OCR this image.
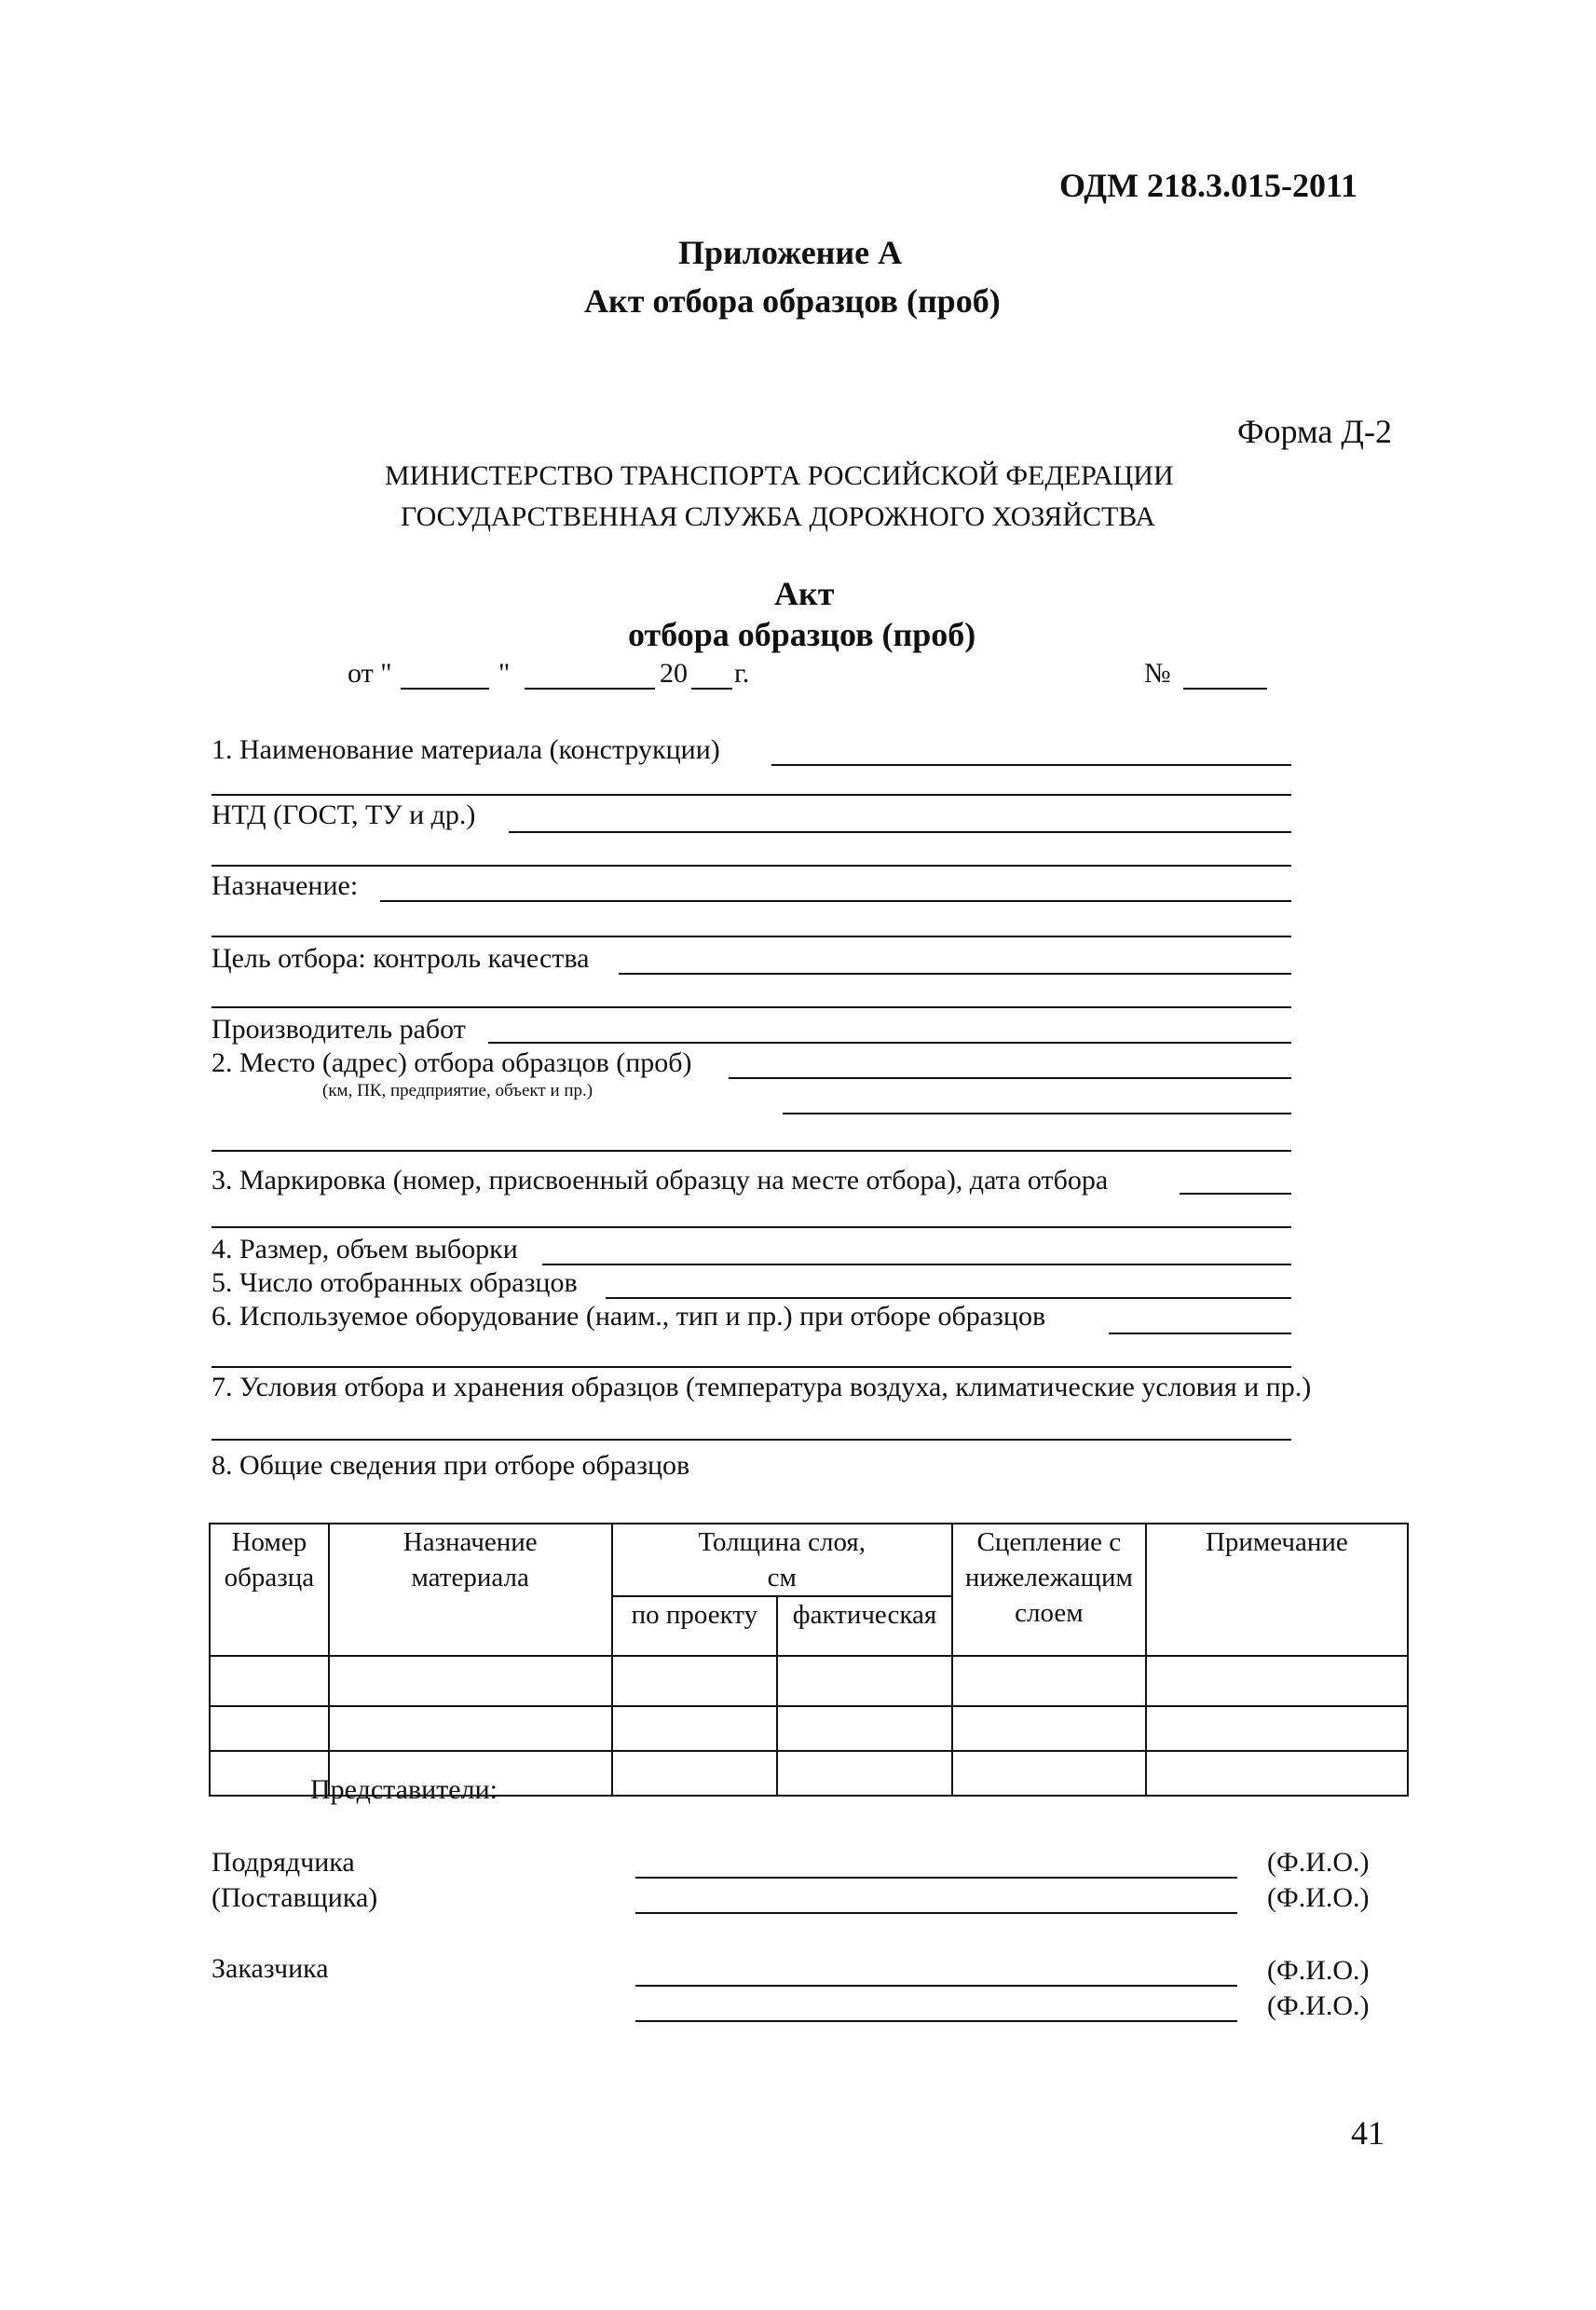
ОДМ 218.3.015-2011
Приложение А
Акт отбора образцов (проб)
Форма Д-2
МИНИСТЕРСТВО ТРАНСПОРТА РОССИЙСКОЙ ФЕДЕРАЦИИ
ГОСУДАРСТВЕННАЯ СЛУЖБА ДОРОЖНОГО ХОЗЯЙСТВА
Акт
отбора образцов (проб)
от "	"	20 г.	№
1. Наименование материала (конструкции)
НТД (ГОСТ, ТУ и др.)
Назначение:
Цель отбора: контроль качества
Производитель работ
2. Место (адрес) отбора образцов (проб)
(км, ПК, предприятие, объект и пр.)
3. Маркировка (номер, присвоенный образцу на месте отбора), дата отбора
4. Размер, объем выборки
5. Число отобранных образцов
6. Используемое оборудование (наим., тип и пр.) при отборе образцов
7. Условия отбора и хранения образцов (температура воздуха, климатические условия и пр.)
8. Общие сведения при отборе образцов
Номер образца	Назначение материала	Толщина слоя, см		Сцепление с нижележащим слоем	Примечание
		по проекту	фактическая		

Представители:
Подрядчика	(Ф.И.О.)
(Поставщика)	(Ф.И.О.)
Заказчика	(Ф.И.О.)
(Ф.И.О.)
41
